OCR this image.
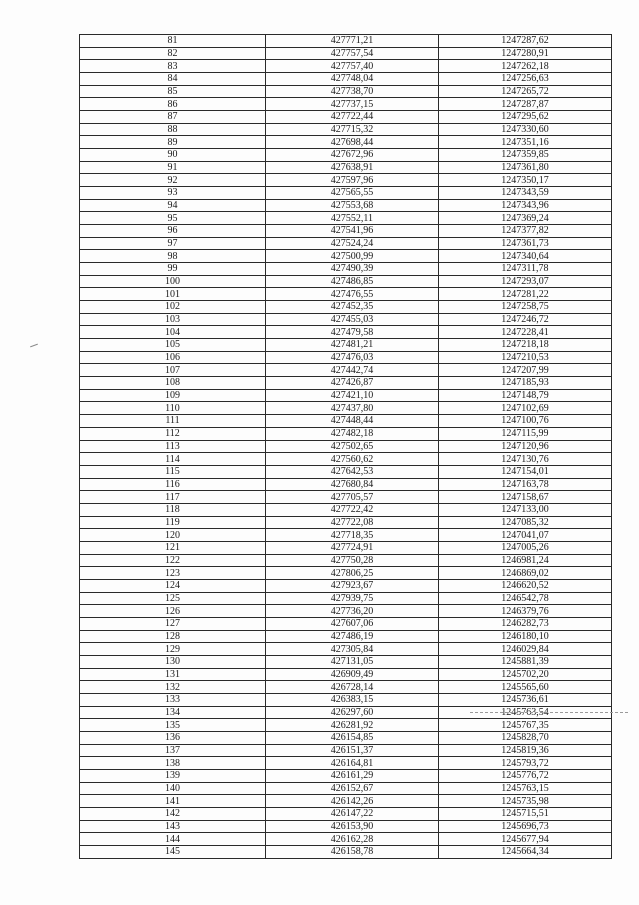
81	427771,21	1247287,62
82	427757,54	1247280,91
83	427757,40	1247262,18
84	427748,04	1247256,63
85	427738,70	1247265,72
86	427737,15	1247287,87
87	427722,44	1247295,62
88	427715,32	1247330,60
89	427698,44	1247351,16
90	427672,96	1247359,85
91	427638,91	1247361,80
92	427597,96	1247350,17
93	427565,55	1247343,59
94	427553,68	1247343,96
95	427552,11	1247369,24
96	427541,96	1247377,82
97	427524,24	1247361,73
98	427500,99	1247340,64
99	427490,39	1247311,78
100	427486,85	1247293,07
101	427476,55	1247281,22
102	427452,35	1247258,75
103	427455,03	1247246,72
104	427479,58	1247228,41
105	427481,21	1247218,18
106	427476,03	1247210,53
107	427442,74	1247207,99
108	427426,87	1247185,93
109	427421,10	1247148,79
110	427437,80	1247102,69
111	427448,44	1247100,76
112	427482,18	1247115,99
113	427502,65	1247120,96
114	427560,62	1247130,76
115	427642,53	1247154,01
116	427680,84	1247163,78
117	427705,57	1247158,67
118	427722,42	1247133,00
119	427722,08	1247085,32
120	427718,35	1247041,07
121	427724,91	1247005,26
122	427750,28	1246981,24
123	427806,25	1246869,02
124	427923,67	1246620,52
125	427939,75	1246542,78
126	427736,20	1246379,76
127	427607,06	1246282,73
128	427486,19	1246180,10
129	427305,84	1246029,84
130	427131,05	1245881,39
131	426909,49	1245702,20
132	426728,14	1245565,60
133	426383,15	1245736,61
134	426297,60	1245763,54
135	426281,92	1245767,35
136	426154,85	1245828,70
137	426151,37	1245819,36
138	426164,81	1245793,72
139	426161,29	1245776,72
140	426152,67	1245763,15
141	426142,26	1245735,98
142	426147,22	1245715,51
143	426153,90	1245696,73
144	426162,28	1245677,94
145	426158,78	1245664,34
